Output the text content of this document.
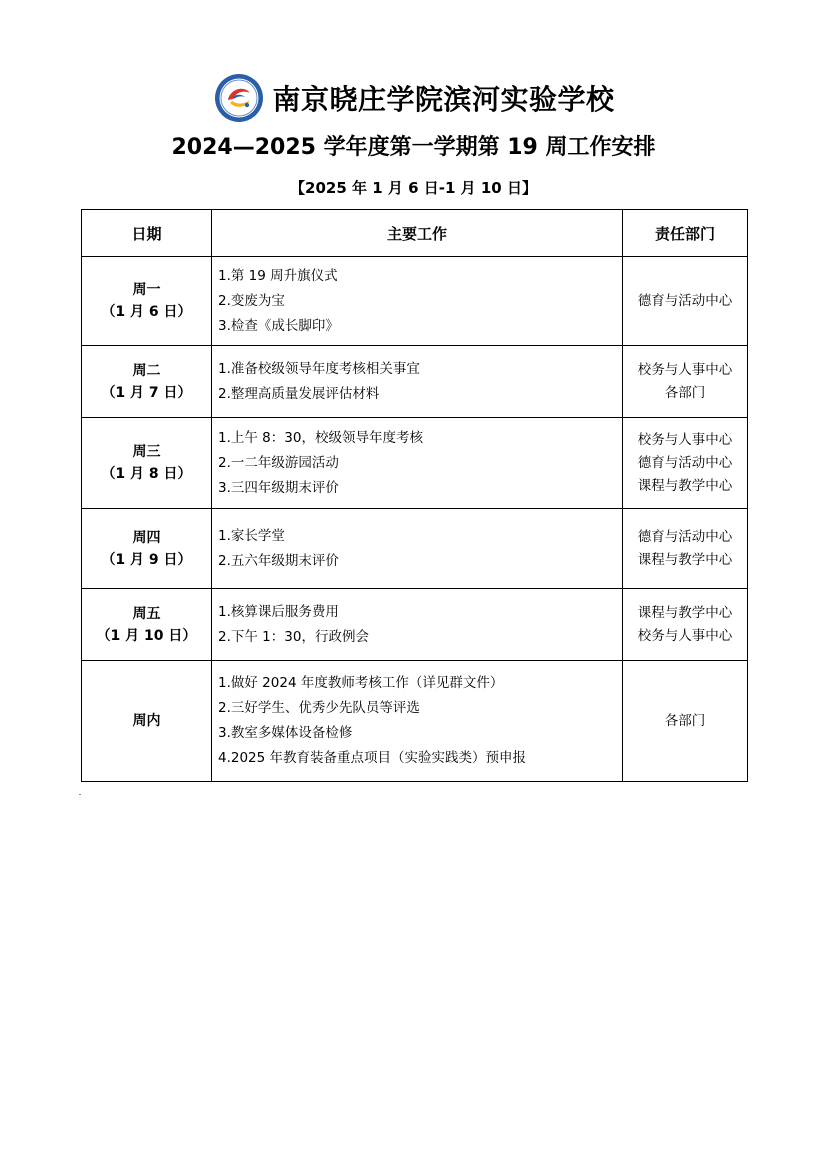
南京晓庄学院滨河实验学校
2024—2025 学年度第一学期第 19 周工作安排
【2025 年 1 月 6 日-1 月 10 日】
日期	主要工作	责任部门

周一
（1 月 6 日）	1.第 19 周升旗仪式
2.变废为宝
3.检查《成长脚印》	德育与活动中心

周二
（1 月 7 日）	1.准备校级领导年度考核相关事宜
2.整理高质量发展评估材料	校务与人事中心
各部门

周三
（1 月 8 日）	1.上午 8：30，校级领导年度考核
2.一二年级游园活动
3.三四年级期末评价	校务与人事中心
德育与活动中心
课程与教学中心

周四
（1 月 9 日）	1.家长学堂
2.五六年级期末评价	德育与活动中心
课程与教学中心

周五
（1 月 10 日）	1.核算课后服务费用
2.下午 1：30，行政例会	课程与教学中心
校务与人事中心

周内	1.做好 2024 年度教师考核工作（详见群文件）
2.三好学生、优秀少先队员等评选
3.教室多媒体设备检修
4.2025 年教育装备重点项目（实验实践类）预申报	各部门
